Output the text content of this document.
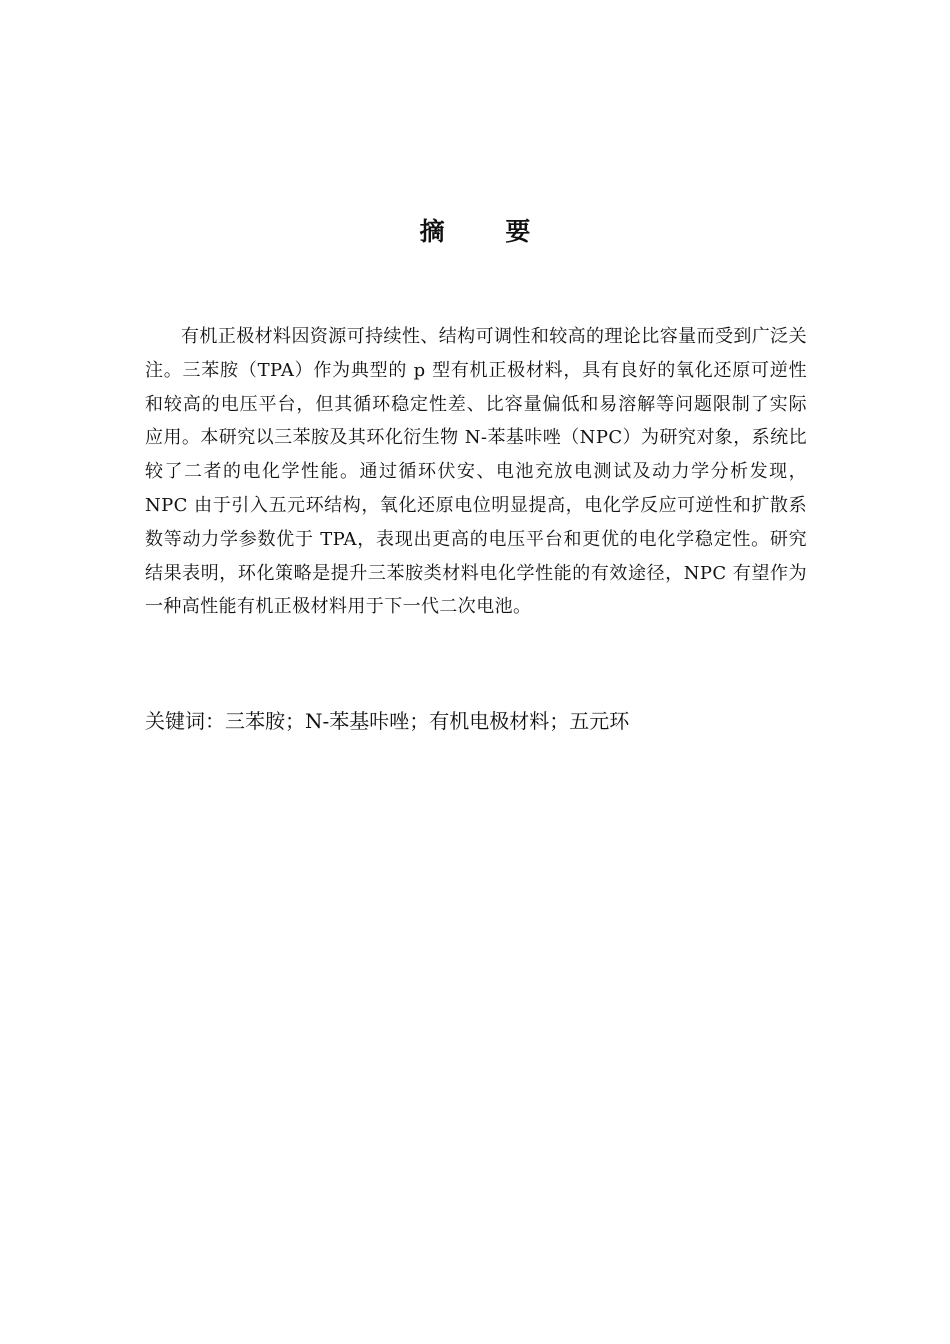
摘 要

有机正极材料因资源可持续性、结构可调性和较高的理论比容量而受到广泛关注。三苯胺（TPA）作为典型的 p 型有机正极材料，具有良好的氧化还原可逆性和较高的电压平台，但其循环稳定性差、比容量偏低和易溶解等问题限制了实际应用。本研究以三苯胺及其环化衍生物 N-苯基咔唑（NPC）为研究对象，系统比较了二者的电化学性能。通过循环伏安、电池充放电测试及动力学分析发现，NPC 由于引入五元环结构，氧化还原电位明显提高，电化学反应可逆性和扩散系数等动力学参数优于 TPA，表现出更高的电压平台和更优的电化学稳定性。研究结果表明，环化策略是提升三苯胺类材料电化学性能的有效途径，NPC 有望作为一种高性能有机正极材料用于下一代二次电池。

关键词：三苯胺；N-苯基咔唑；有机电极材料；五元环
